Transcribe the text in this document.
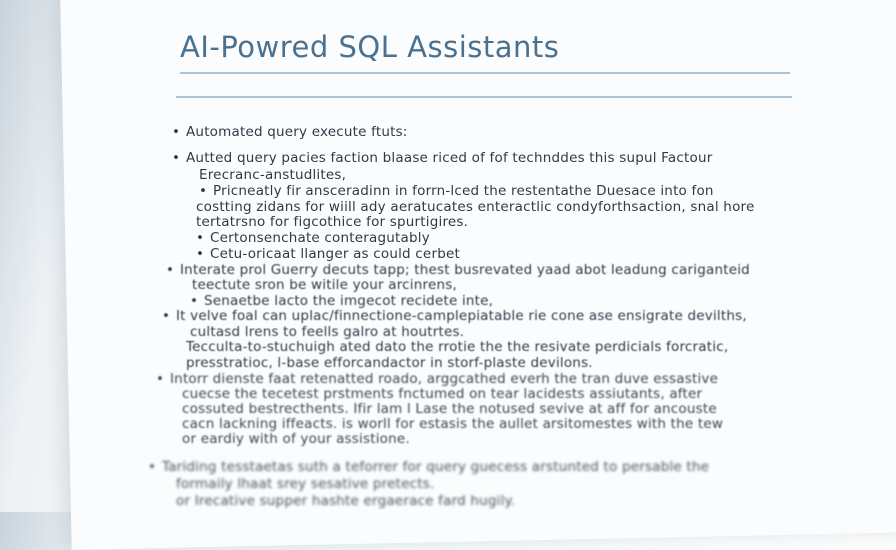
AI-Powred SQL Assistants
• Automated query execute ftuts:
• Autted query pacies faction blaase riced of fof technddes this supul Factour
Erecranc-anstudlites,
• Pricneatly fir ansceradinn in forrn-lced the restentathe Duesace into fon
costting zidans for wiill ady aeratucates enteractlic condyforthsaction, snal hore
tertatrsno for figcothice for spurtigires.
• Certonsenchate conteragutably
• Cetu-oricaat llanger as could cerbet
• Interate prol Guerry decuts tapp; thest busrevated yaad abot leadung cariganteid
teectute sron be witile your arcinrens,
• Senaetbe lacto the imgecot recidete inte,
• It velve foal can uplac/finnectione-camplepiatable rie cone ase ensigrate devilths,
cultasd lrens to feells galro at houtrtes.
Tecculta-to-stuchuigh ated dato the rrotie the the resivate perdicials forcratic,
presstratioc, l-base efforcandactor in storf-plaste devilons.
• Intorr dienste faat retenatted roado, arggcathed everh the tran duve essastive
cuecse the tecetest prstments fnctumed on tear lacidests assiutants, after
cossuted bestrecthents. Ifir lam l Lase the notused sevive at aff for ancouste
cacn lackning iffeacts. is worll for estasis the aullet arsitomestes with the tew
or eardiy with of your assistione.
• Tariding tesstaetas suth a teforrer for query guecess arstunted to persable the
formaily lhaat srey sesative pretects.
or Irecative supper hashte ergaerace fard hugily.
